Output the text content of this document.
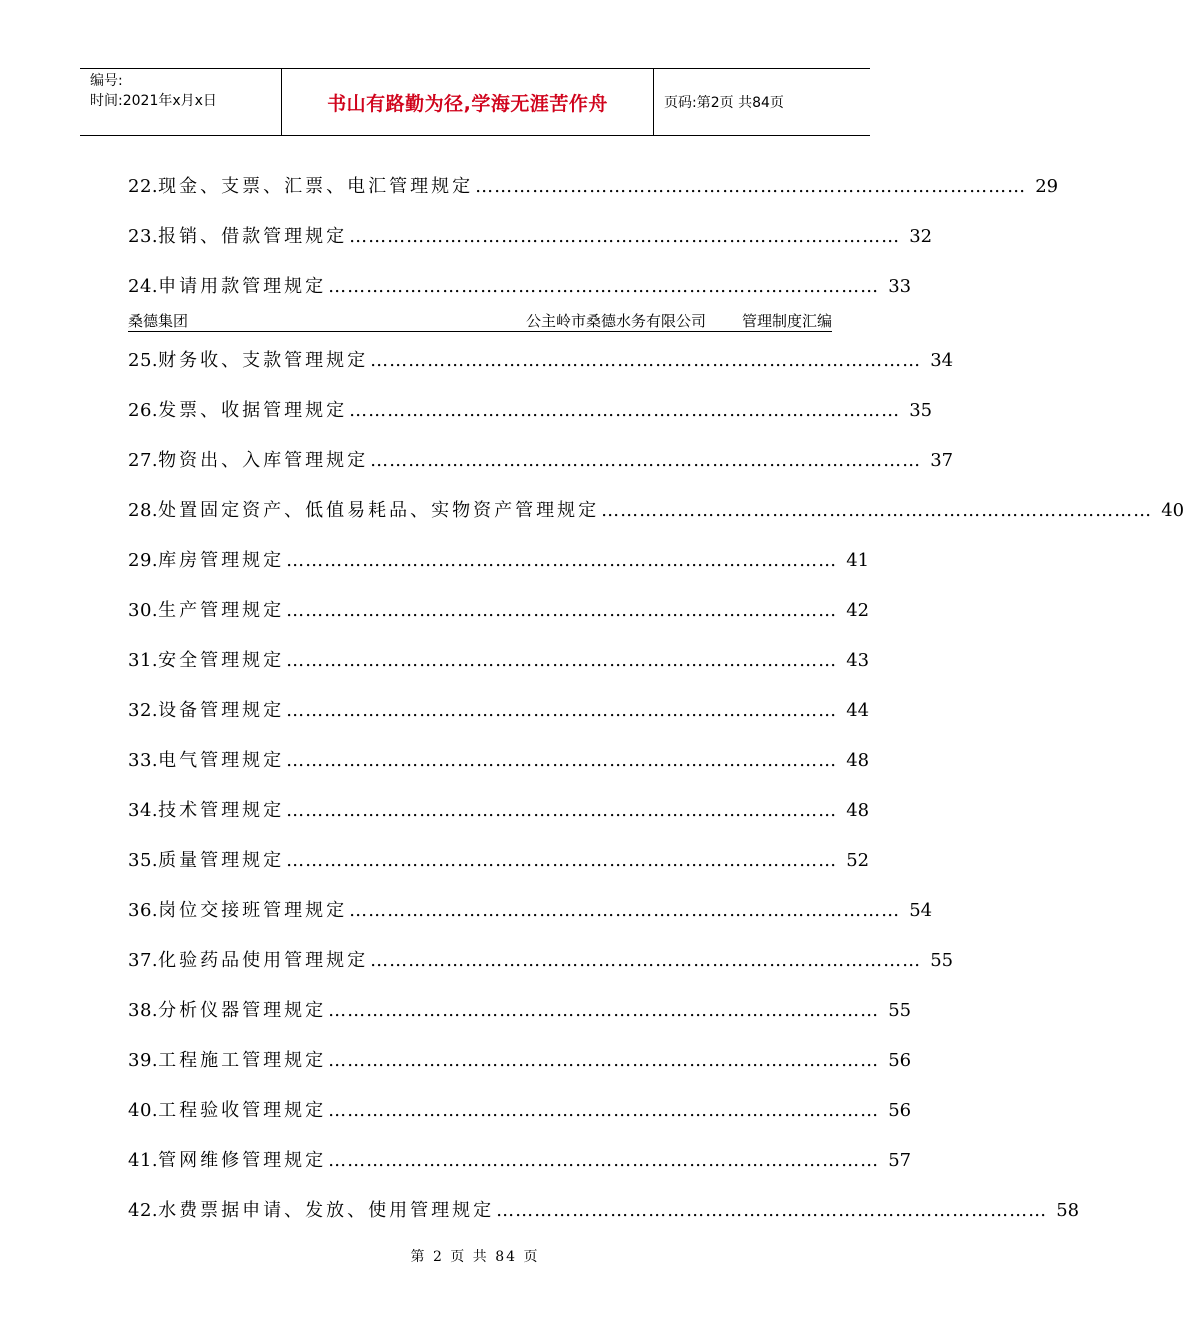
编号:
时间:2021年x月x日	书山有路勤为径,学海无涯苦作舟	页码:第2页 共84页
22. 现金、支票、汇票、电汇管理规定 …………………………………………………………………………… 29
23. 报销、借款管理规定 …………………………………………………………………………… 32
24. 申请用款管理规定 …………………………………………………………………………… 33
桑德集团	公主岭市桑德水务有限公司 管理制度汇编
25. 财务收、支款管理规定 …………………………………………………………………………… 34
26. 发票、收据管理规定 …………………………………………………………………………… 35
27. 物资出、入库管理规定 …………………………………………………………………………… 37
28. 处置固定资产、低值易耗品、实物资产管理规定 …………………………………………………………………………… 40
29. 库房管理规定 …………………………………………………………………………… 41
30. 生产管理规定 …………………………………………………………………………… 42
31. 安全管理规定 …………………………………………………………………………… 43
32. 设备管理规定 …………………………………………………………………………… 44
33. 电气管理规定 …………………………………………………………………………… 48
34. 技术管理规定 …………………………………………………………………………… 48
35. 质量管理规定 …………………………………………………………………………… 52
36. 岗位交接班管理规定 …………………………………………………………………………… 54
37. 化验药品使用管理规定 …………………………………………………………………………… 55
38. 分析仪器管理规定 …………………………………………………………………………… 55
39. 工程施工管理规定 …………………………………………………………………………… 56
40. 工程验收管理规定 …………………………………………………………………………… 56
41. 管网维修管理规定 …………………………………………………………………………… 57
42. 水费票据申请、发放、使用管理规定 …………………………………………………………………………… 58
第 2 页 共 84 页
